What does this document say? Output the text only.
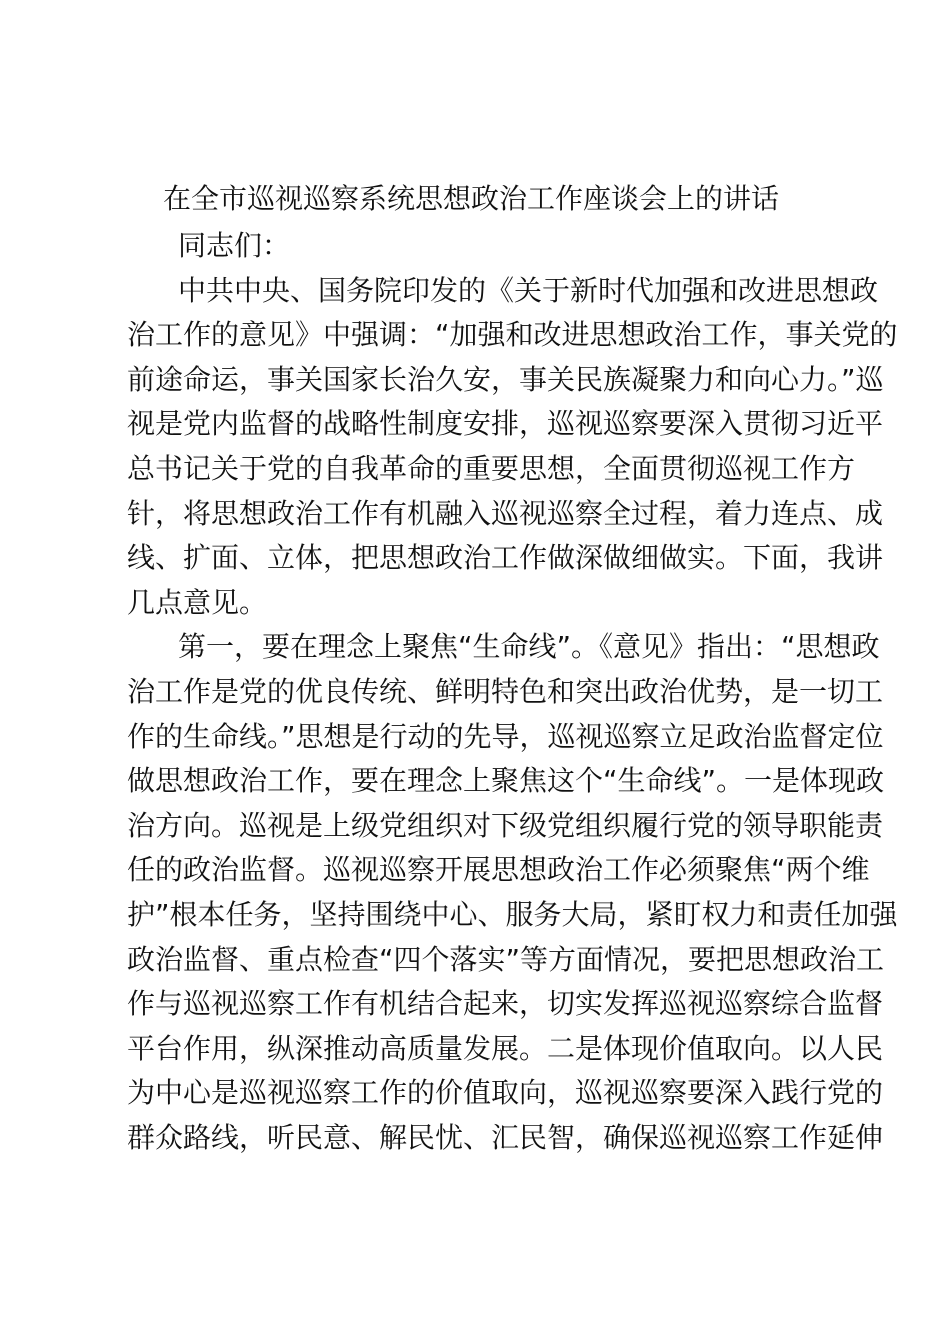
在全市巡视巡察系统思想政治工作座谈会上的讲话

同志们：

中共中央、国务院印发的《关于新时代加强和改进思想政
治工作的意见》中强调：“加强和改进思想政治工作，事关党的
前途命运，事关国家长治久安，事关民族凝聚力和向心力。”巡
视是党内监督的战略性制度安排，巡视巡察要深入贯彻习近平
总书记关于党的自我革命的重要思想，全面贯彻巡视工作方
针，将思想政治工作有机融入巡视巡察全过程，着力连点、成
线、扩面、立体，把思想政治工作做深做细做实。下面，我讲
几点意见。

第一，要在理念上聚焦“生命线”。《意见》指出：“思想政
治工作是党的优良传统、鲜明特色和突出政治优势，是一切工
作的生命线。”思想是行动的先导，巡视巡察立足政治监督定位
做思想政治工作，要在理念上聚焦这个“生命线”。一是体现政
治方向。巡视是上级党组织对下级党组织履行党的领导职能责
任的政治监督。巡视巡察开展思想政治工作必须聚焦“两个维
护”根本任务，坚持围绕中心、服务大局，紧盯权力和责任加强
政治监督、重点检查“四个落实”等方面情况，要把思想政治工
作与巡视巡察工作有机结合起来，切实发挥巡视巡察综合监督
平台作用，纵深推动高质量发展。二是体现价值取向。以人民
为中心是巡视巡察工作的价值取向，巡视巡察要深入践行党的
群众路线，听民意、解民忧、汇民智，确保巡视巡察工作延伸
